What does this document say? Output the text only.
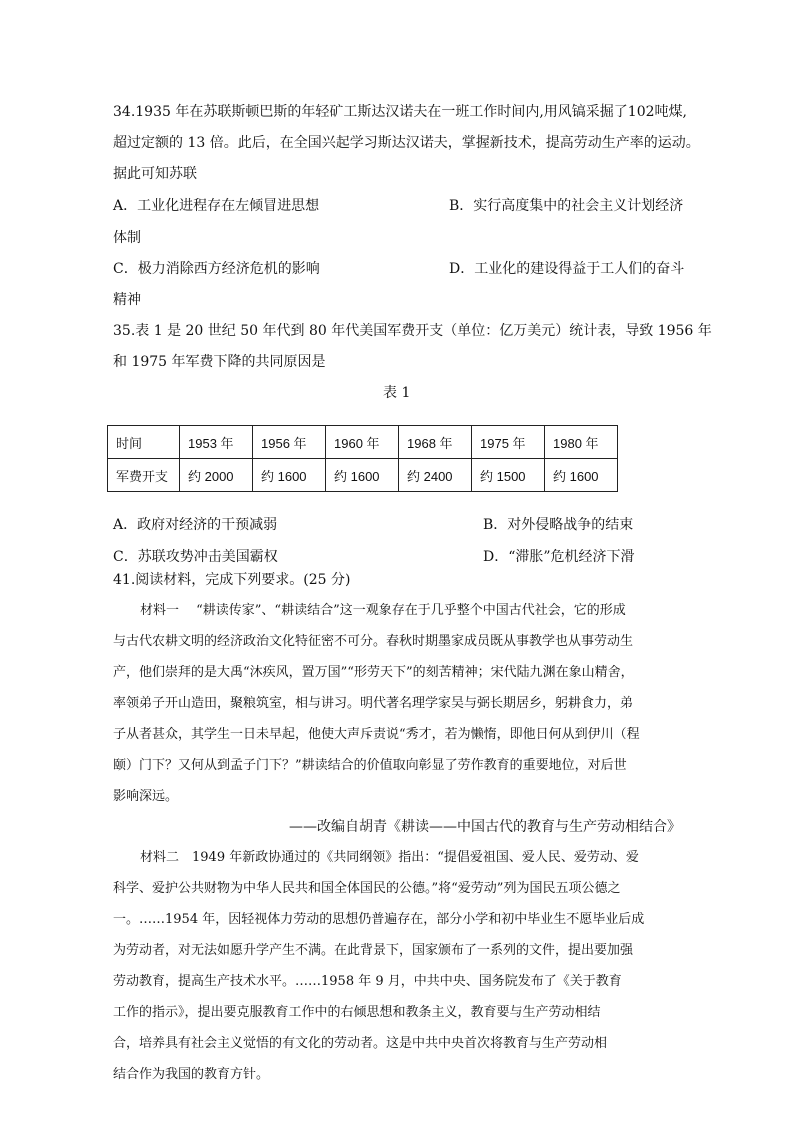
34.1935 年在苏联斯顿巴斯的年轻矿工斯达汉诺夫在一班工作时间内,用风镐采掘了102吨煤,
超过定额的 13 倍。此后，在全国兴起学习斯达汉诺夫，掌握新技术，提高劳动生产率的运动。
据此可知苏联
A．工业化进程存在左倾冒进思想	B．实行高度集中的社会主义计划经济
体制
C．极力消除西方经济危机的影响	D．工业化的建设得益于工人们的奋斗
精神
35.表 1 是 20 世纪 50 年代到 80 年代美国军费开支（单位：亿万美元）统计表，导致 1956 年
和 1975 年军费下降的共同原因是
表 1
时间	1953 年	1956 年	1960 年	1968 年	1975 年	1980 年
军费开支	约 2000	约 1600	约 1600	约 2400	约 1500	约 1600
A．政府对经济的干预减弱	B．对外侵略战争的结束
C．苏联攻势冲击美国霸权	D．“滞胀”危机经济下滑
41.阅读材料，完成下列要求。(25 分)
材料一　 “耕读传家”、“耕读结合”这一观象存在于几乎整个中国古代社会，它的形成
与古代农耕文明的经济政治文化特征密不可分。春秋时期墨家成员既从事教学也从事劳动生
产，他们崇拜的是大禹“沐疾风，置万国”“形劳天下”的刻苦精神；宋代陆九渊在象山精舍，
率领弟子开山造田，聚粮筑室，相与讲习。明代著名理学家吴与弼长期居乡，躬耕食力，弟
子从者甚众，其学生一日未早起，他使大声斥责说“秀才，若为懒惰，即他日何从到伊川（程
颐）门下？又何从到孟子门下？”耕读结合的价值取向彰显了劳作教育的重要地位，对后世
影响深远。
——改编自胡青《耕读——中国古代的教育与生产劳动相结合》
材料二　1949 年新政协通过的《共同纲领》指出：“提倡爱祖国、爱人民、爱劳动、爱
科学、爱护公共财物为中华人民共和国全体国民的公德。”将“爱劳动”列为国民五项公德之
一。……1954 年，因轻视体力劳动的思想仍普遍存在，部分小学和初中毕业生不愿毕业后成
为劳动者，对无法如愿升学产生不满。在此背景下，国家颁布了一系列的文件，提出要加强
劳动教育，提高生产技术水平。……1958 年 9 月，中共中央、国务院发布了《关于教育
工作的指示》，提出要克服教育工作中的右倾思想和教条主义，教育要与生产劳动相结
合，培养具有社会主义觉悟的有文化的劳动者。这是中共中央首次将教育与生产劳动相
结合作为我国的教育方针。
